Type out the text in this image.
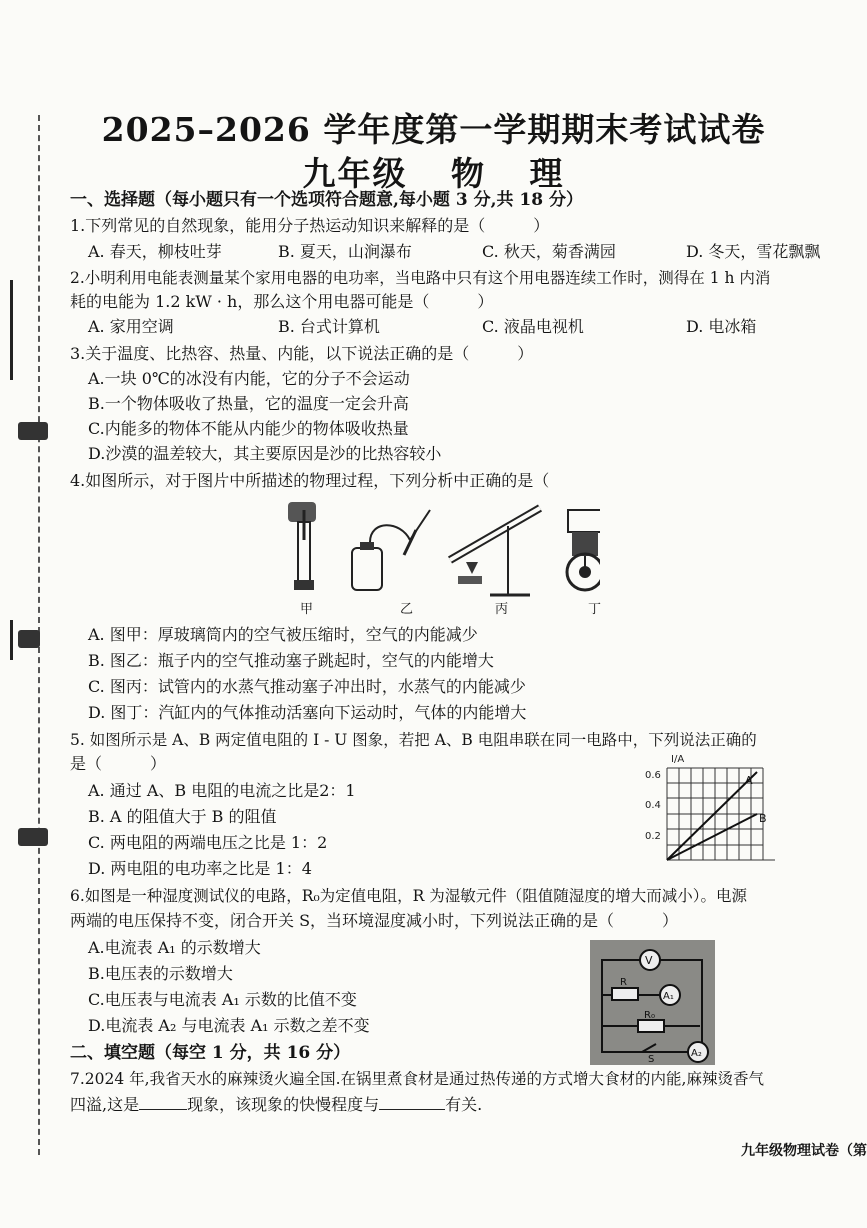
2025–2026 学年度第一学期期末考试试卷
九年级 物 理
一、选择题（每小题只有一个选项符合题意,每小题 3 分,共 18 分）
1.下列常见的自然现象，能用分子热运动知识来解释的是（　　　）
A. 春天，柳枝吐芽	B. 夏天，山涧瀑布	C. 秋天，菊香满园	D. 冬天，雪花飘飘
2.小明利用电能表测量某个家用电器的电功率，当电路中只有这个用电器连续工作时，测得在 1 h 内消
耗的电能为 1.2 kW · h，那么这个用电器可能是（　　　）
A. 家用空调	B. 台式计算机	C. 液晶电视机	D. 电冰箱
3.关于温度、比热容、热量、内能，以下说法正确的是（　　　）
A.一块 0℃的冰没有内能，它的分子不会运动
B.一个物体吸收了热量，它的温度一定会升高
C.内能多的物体不能从内能少的物体吸收热量
D.沙漠的温差较大，其主要原因是沙的比热容较小
4.如图所示，对于图片中所描述的物理过程，下列分析中正确的是（
甲	乙	丙	丁
A. 图甲：厚玻璃筒内的空气被压缩时，空气的内能减少
B. 图乙：瓶子内的空气推动塞子跳起时，空气的内能增大
C. 图丙：试管内的水蒸气推动塞子冲出时，水蒸气的内能减少
D. 图丁：汽缸内的气体推动活塞向下运动时，气体的内能增大
5. 如图所示是 A、B 两定值电阻的 I - U 图象，若把 A、B 电阻串联在同一电路中，下列说法正确的
是（　　　）
A. 通过 A、B 电阻的电流之比是2：1
B. A 的阻值大于 B 的阻值
C. 两电阻的两端电压之比是 1：2
D. 两电阻的电功率之比是 1：4
0.6
0.4
0.2
I/A
A
B
6.如图是一种湿度测试仪的电路，R₀为定值电阻，R 为湿敏元件（阻值随湿度的增大而减小）。电源
两端的电压保持不变，闭合开关 S，当环境湿度减小时，下列说法正确的是（　　　）
A.电流表 A₁ 的示数增大
B.电压表的示数增大
C.电压表与电流表 A₁ 示数的比值不变
D.电流表 A₂ 与电流表 A₁ 示数之差不变
V
A₁
A₂
R
R₀
S
二、填空题（每空 1 分，共 16 分）
7.2024 年,我省天水的麻辣烫火遍全国.在锅里煮食材是通过热传递的方式增大食材的内能,麻辣烫香气
四溢,这是	现象，该现象的快慢程度与	有关.
九年级物理试卷（第
